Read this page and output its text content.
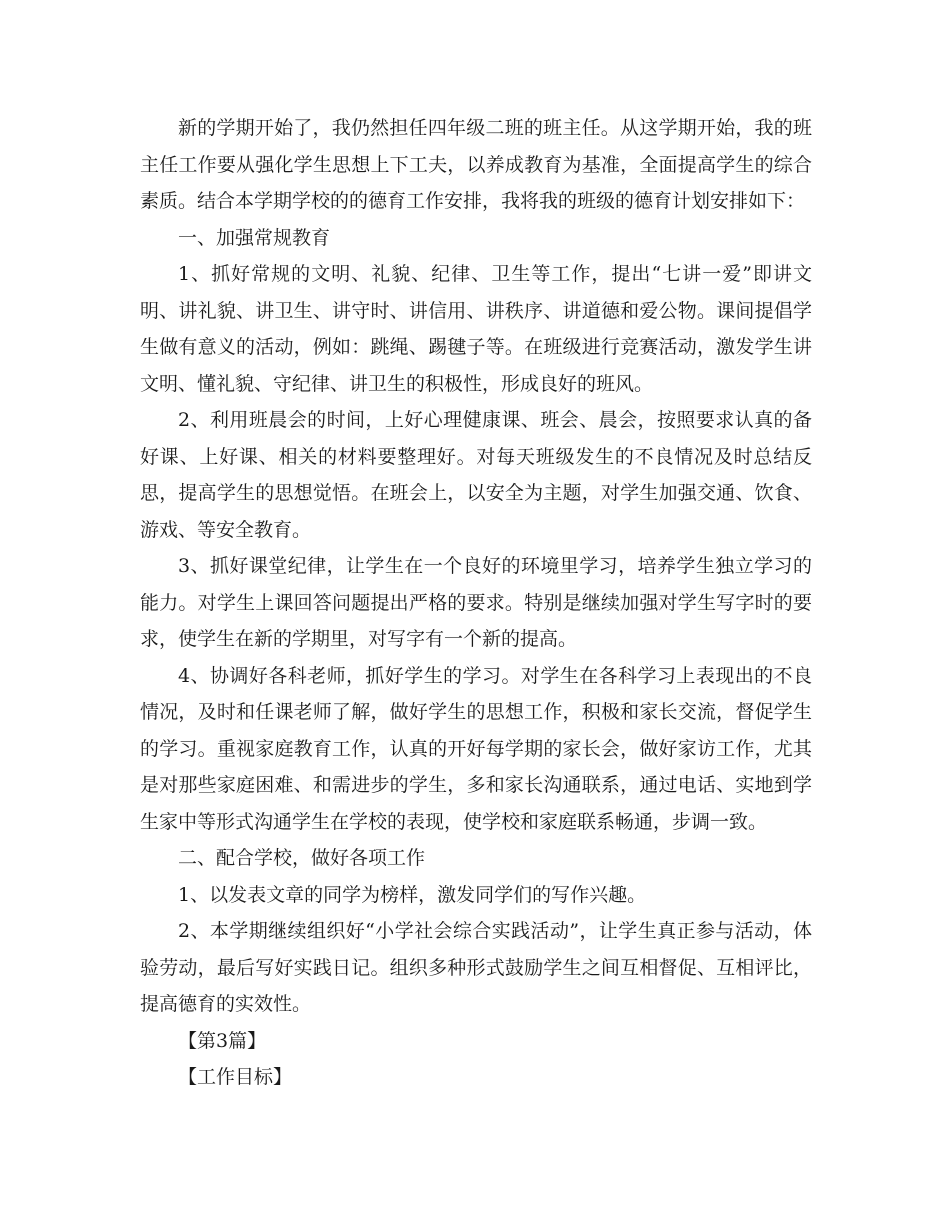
新的学期开始了，我仍然担任四年级二班的班主任。从这学期开始，我的班主任工作要从强化学生思想上下工夫，以养成教育为基准，全面提高学生的综合素质。结合本学期学校的的德育工作安排，我将我的班级的德育计划安排如下：

一、加强常规教育

1、抓好常规的文明、礼貌、纪律、卫生等工作，提出“七讲一爱”即讲文明、讲礼貌、讲卫生、讲守时、讲信用、讲秩序、讲道德和爱公物。课间提倡学生做有意义的活动，例如：跳绳、踢毽子等。在班级进行竞赛活动，激发学生讲文明、懂礼貌、守纪律、讲卫生的积极性，形成良好的班风。

2、利用班晨会的时间，上好心理健康课、班会、晨会，按照要求认真的备好课、上好课、相关的材料要整理好。对每天班级发生的不良情况及时总结反思，提高学生的思想觉悟。在班会上，以安全为主题，对学生加强交通、饮食、游戏、等安全教育。

3、抓好课堂纪律，让学生在一个良好的环境里学习，培养学生独立学习的能力。对学生上课回答问题提出严格的要求。特别是继续加强对学生写字时的要求，使学生在新的学期里，对写字有一个新的提高。

4、协调好各科老师，抓好学生的学习。对学生在各科学习上表现出的不良情况，及时和任课老师了解，做好学生的思想工作，积极和家长交流，督促学生的学习。重视家庭教育工作，认真的开好每学期的家长会，做好家访工作，尤其是对那些家庭困难、和需进步的学生，多和家长沟通联系，通过电话、实地到学生家中等形式沟通学生在学校的表现，使学校和家庭联系畅通，步调一致。

二、配合学校，做好各项工作

1、以发表文章的同学为榜样，激发同学们的写作兴趣。

2、本学期继续组织好“小学社会综合实践活动”，让学生真正参与活动，体验劳动，最后写好实践日记。组织多种形式鼓励学生之间互相督促、互相评比，提高德育的实效性。

【第3篇】

【工作目标】
